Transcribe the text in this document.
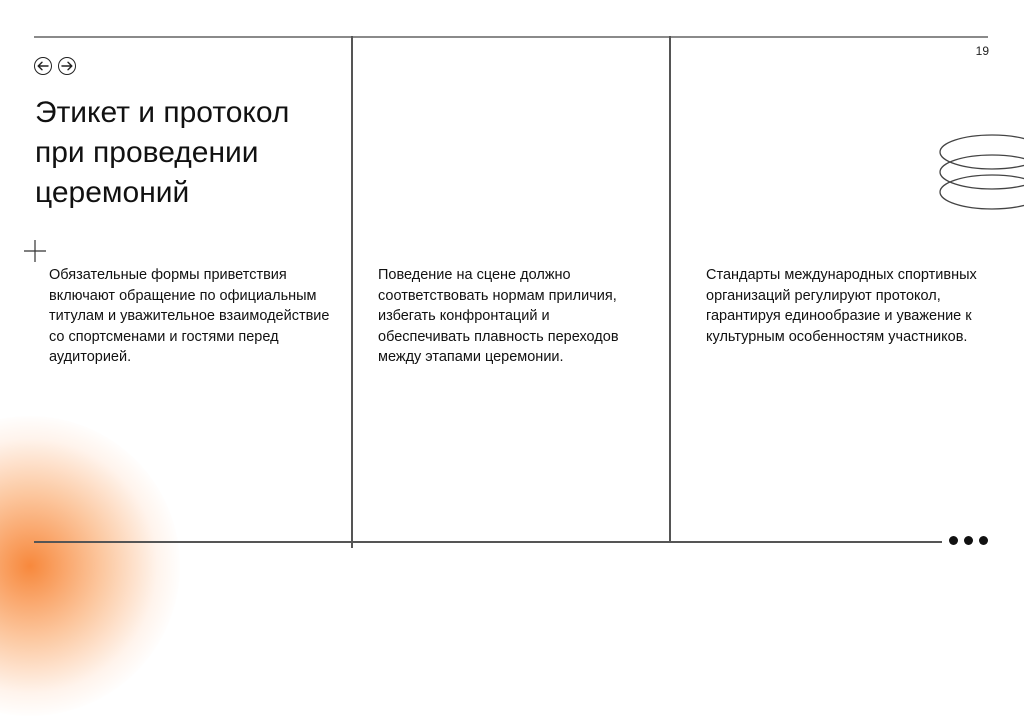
19
Этикет и протокол при проведении церемоний

Обязательные формы приветствия включают обращение по официальным титулам и уважительное взаимодействие со спортсменами и гостями перед аудиторией.

Поведение на сцене должно соответствовать нормам приличия, избегать конфронтаций и обеспечивать плавность переходов между этапами церемонии.

Стандарты международных спортивных организаций регулируют протокол, гарантируя единообразие и уважение к культурным особенностям участников.
